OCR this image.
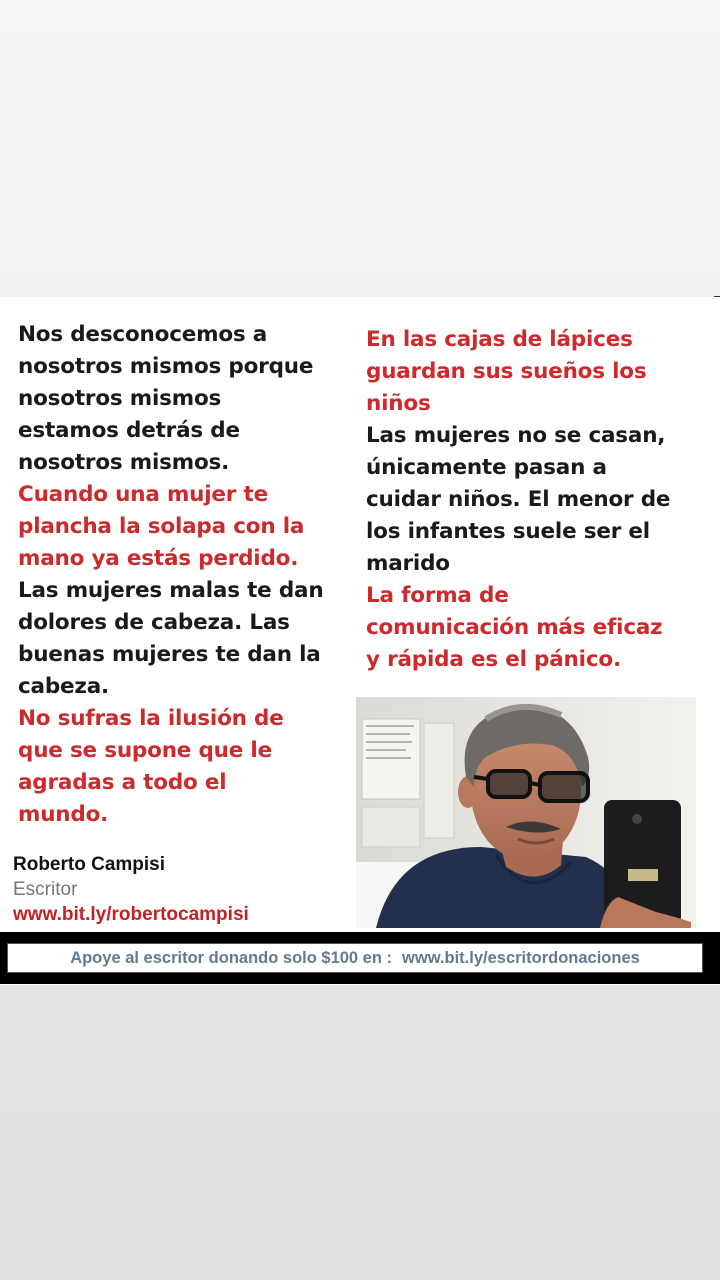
Nos desconocemos a
nosotros mismos porque
nosotros mismos
estamos detrás de
nosotros mismos.
Cuando una mujer te
plancha la solapa con la
mano ya estás perdido.
Las mujeres malas te dan
dolores de cabeza. Las
buenas mujeres te dan la
cabeza.
No sufras la ilusión de
que se supone que le
agradas a todo el
mundo.
En las cajas de lápices
guardan sus sueños los
niños
Las mujeres no se casan,
únicamente pasan a
cuidar niños. El menor de
los infantes suele ser el
marido
La forma de
comunicación más eficaz
y rápida es el pánico.
Roberto Campisi
Escritor
www.bit.ly/robertocampisi
Apoye al escritor donando solo $100 en : www.bit.ly/escritordonaciones
